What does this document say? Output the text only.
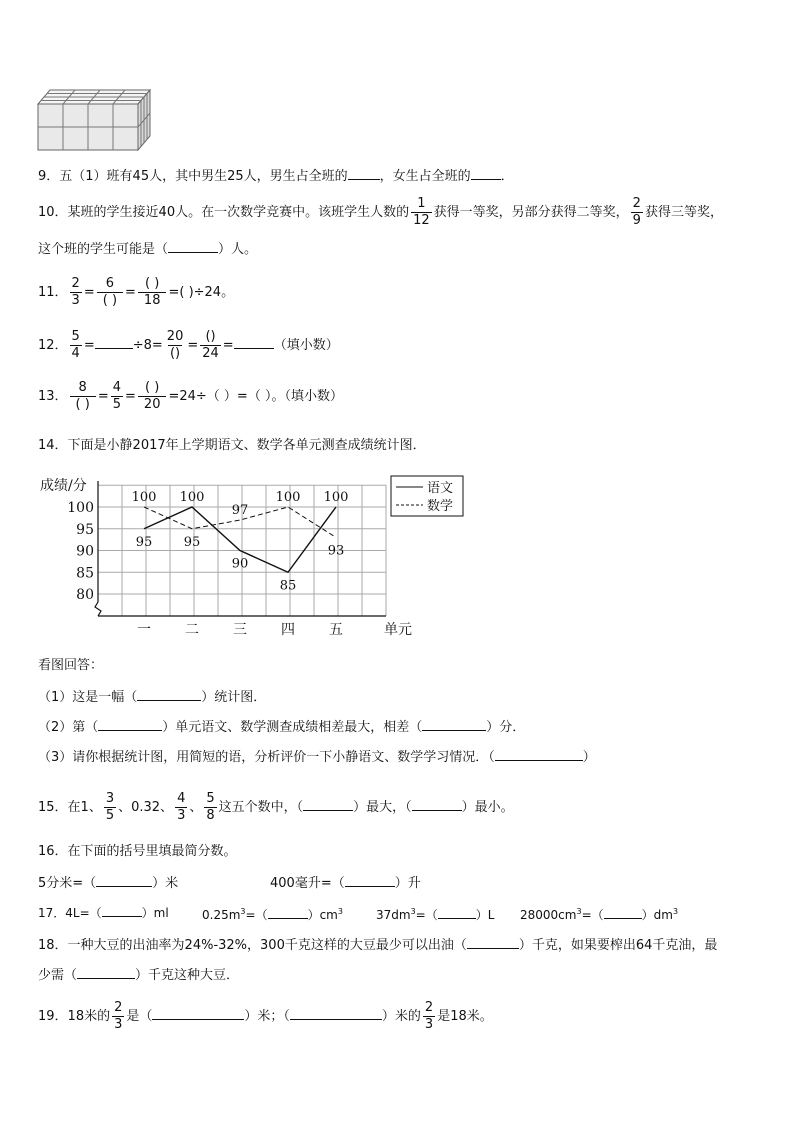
9．五（1）班有45人，其中男生25人，男生占全班的 ，女生占全班的 ．
10．某班的学生接近40人。在一次数学竞赛中。该班学生人数的 $\frac{1}{12}$ 获得一等奖，另部分获得二等奖， $\frac{2}{9}$ 获得三等奖，
这个班的学生可能是（	）人。
11． $\frac{2}{3} = \frac{6}{( )} = \frac{( )}{18}$ =( )÷24。
12． $\frac{5}{4}$ =	$\div 8= \frac{20}{()} = \frac{()}{24}$ =	（填小数）
13． $\frac{8}{( )} = \frac{4}{5} = \frac{( )}{20} =24\div$（ ）=（ ）。（填小数）
14．下面是小静2017年上学期语文、数学各单元测查成绩统计图．
成绩/分
100
95
90
85
80
一 二 三 四 五
95
100
90
85
100
100
95
97
100
93
单元
语文
数学
看图回答：
（1）这是一幅（	）统计图．
（2）第（	）单元语文、数学测查成绩相差最大，相差（	）分．
（3）请你根据统计图，用简短的语，分析评价一下小静语文、数学学习情况．（	）
15．在1、 $\frac{3}{5}$ 、0.32、 $\frac{4}{3}$ 、 $\frac{5}{8}$ 这五个数中，（	）最大，（	）最小。
16．在下面的括号里填最简分数。
5分米=（	）米	400毫升=（	）升
17．4L=（	）ml	$0.25m^3=$（	）$cm^3$	$37dm^3=$（	）L $28000cm^3=$（	）$dm^3$
18．一种大豆的出油率为24%-32%，300千克这样的大豆最少可以出油（	）千克，如果要榨出64千克油，最
少需（	）千克这种大豆．
19．18米的 $\frac{2}{3}$ 是（	）米；（	）米的 $\frac{2}{3}$ 是18米。
